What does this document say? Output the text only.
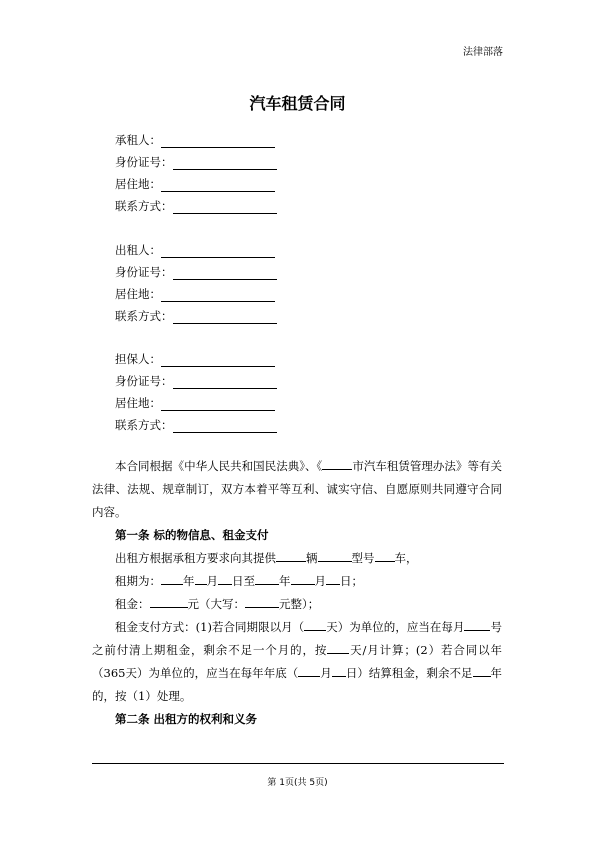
法律部落
汽车租赁合同
承租人：
身份证号：
居住地：
联系方式：
出租人：
身份证号：
居住地：
联系方式：
担保人：
身份证号：
居住地：
联系方式：

本合同根据《中华人民共和国民法典》、《	市汽车租赁管理办法》等有关法律、法规、规章制订，双方本着平等互利、诚实守信、自愿原则共同遵守合同内容。

第一条 标的物信息、租金支付

出租方根据承租方要求向其提供	辆	型号 车，

租期为： 年 月 日至 年 月 日；

租金：	元（大写：	元整）；

租金支付方式：(1)若合同期限以月（ 天）为单位的，应当在每月 号之前付清上期租金，剩余不足一个月的，按 天/月计算；(2）若合同以年（365天）为单位的，应当在每年年底（ 月 日）结算租金，剩余不足 年的，按（1）处理。

第二条 出租方的权利和义务

第 1页(共 5页)
